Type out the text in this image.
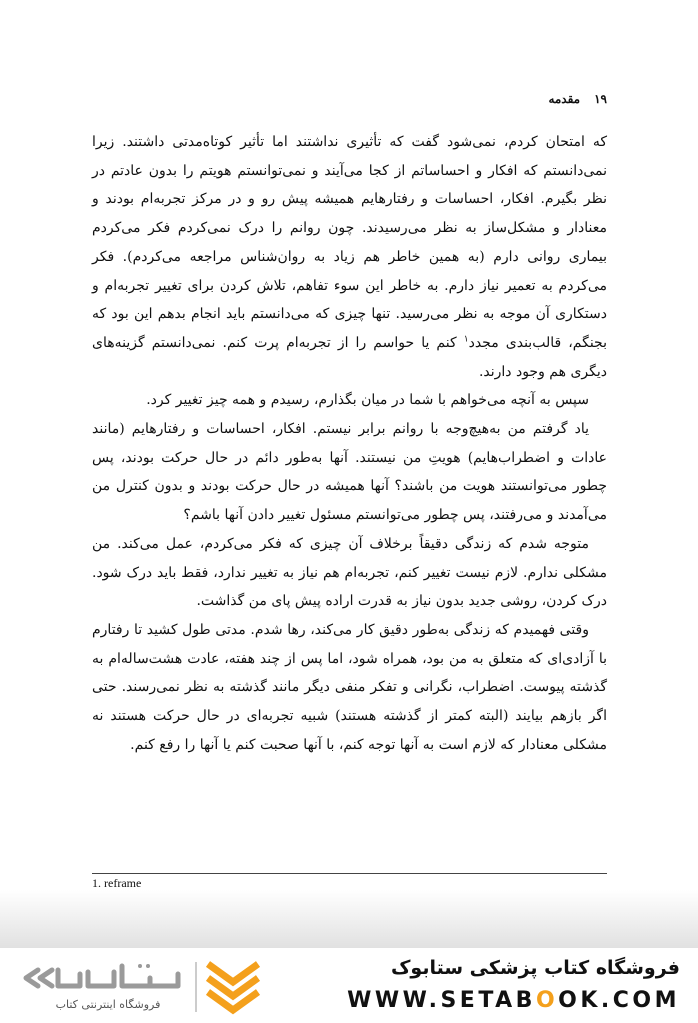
۱۹
مقدمه

که امتحان کردم، نمی‌شود گفت که تأثیری نداشتند اما تأثیر کوتاه‌مدتی داشتند. زیرا نمی‌دانستم که افکار و احساساتم از کجا می‌آیند و نمی‌توانستم هویتم را بدون عادتم در نظر بگیرم. افکار، احساسات و رفتارهایم همیشه پیش رو و در مرکز تجربه‌ام بودند و معنادار و مشکل‌ساز به نظر می‌رسیدند. چون روانم را درک نمی‌کردم فکر می‌کردم بیماری روانی دارم (به همین خاطر هم زیاد به روان‌شناس مراجعه می‌کردم). فکر می‌کردم به تعمیر نیاز دارم. به خاطر این سوء تفاهم، تلاش کردن برای تغییر تجربه‌ام و دستکاری آن موجه به نظر می‌رسید. تنها چیزی که می‌دانستم باید انجام بدهم این بود که بجنگم، قالب‌بندی مجدد$^۱$ کنم یا حواسم را از تجربه‌ام پرت کنم. نمی‌دانستم گزینه‌های دیگری هم وجود دارند.

سپس به آنچه می‌خواهم با شما در میان بگذارم، رسیدم و همه چیز تغییر کرد.

یاد گرفتم من به‌هیچ‌وجه با روانم برابر نیستم. افکار، احساسات و رفتارهایم (مانند عادات و اضطراب‌هایم) هویتِ من نیستند. آنها به‌طور دائم در حال حرکت بودند، پس چطور می‌توانستند هویت من باشند؟ آنها همیشه در حال حرکت بودند و بدون کنترل من می‌آمدند و می‌رفتند، پس چطور می‌توانستم مسئول تغییر دادن آنها باشم؟

متوجه شدم که زندگی دقیقاً برخلاف آن چیزی که فکر می‌کردم، عمل می‌کند. من مشکلی ندارم. لازم نیست تغییر کنم، تجربه‌ام هم نیاز به تغییر ندارد، فقط باید درک شود. درک کردن، روشی جدید بدون نیاز به قدرت اراده پیش پای من گذاشت.

وقتی فهمیدم که زندگی به‌طور دقیق کار می‌کند، رها شدم. مدتی طول کشید تا رفتارم با آزادی‌ای که متعلق به من بود، همراه شود، اما پس از چند هفته، عادت هشت‌ساله‌ام به گذشته پیوست. اضطراب، نگرانی و تفکر منفی دیگر مانند گذشته به نظر نمی‌رسند. حتی اگر بازهم بیایند (البته کمتر از گذشته هستند) شبیه تجربه‌ای در حال حرکت هستند نه مشکلی معنادار که لازم است به آنها توجه کنم، با آنها صحبت کنم یا آنها را رفع کنم.

1. reframe
فروشگاه کتاب پزشکی ستابوک
WWW.SETABOOK.COM
فروشگاه اینترنتی کتاب
